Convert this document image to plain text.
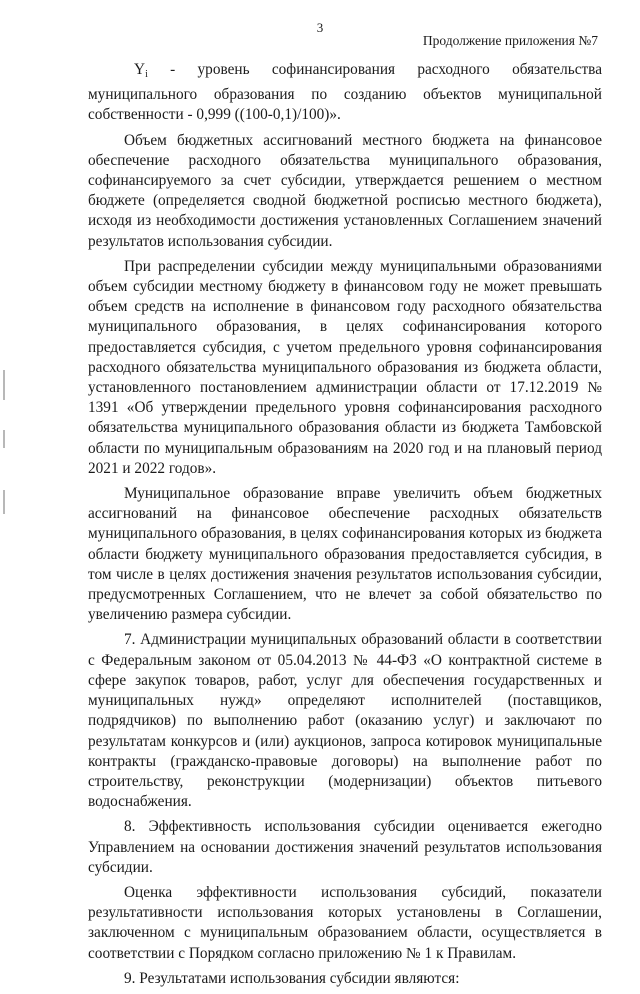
3
Продолжение приложения №7

Yi - уровень софинансирования расходного обязательства муниципального образования по созданию объектов муниципальной собственности - 0,999 ((100-0,1)/100)».

Объем бюджетных ассигнований местного бюджета на финансовое обеспечение расходного обязательства муниципального образования, софинансируемого за счет субсидии, утверждается решением о местном бюджете (определяется сводной бюджетной росписью местного бюджета), исходя из необходимости достижения установленных Соглашением значений результатов использования субсидии.

При распределении субсидии между муниципальными образованиями объем субсидии местному бюджету в финансовом году не может превышать объем средств на исполнение в финансовом году расходного обязательства муниципального образования, в целях софинансирования которого предоставляется субсидия, с учетом предельного уровня софинансирования расходного обязательства муниципального образования из бюджета области, установленного постановлением администрации области от 17.12.2019 № 1391 «Об утверждении предельного уровня софинансирования расходного обязательства муниципального образования области из бюджета Тамбовской области по муниципальным образованиям на 2020 год и на плановый период 2021 и 2022 годов».

Муниципальное образование вправе увеличить объем бюджетных ассигнований на финансовое обеспечение расходных обязательств муниципального образования, в целях софинансирования которых из бюджета области бюджету муниципального образования предоставляется субсидия, в том числе в целях достижения значения результатов использования субсидии, предусмотренных Соглашением, что не влечет за собой обязательство по увеличению размера субсидии.

7. Администрации муниципальных образований области в соответствии с Федеральным законом от 05.04.2013 № 44-ФЗ «О контрактной системе в сфере закупок товаров, работ, услуг для обеспечения государственных и муниципальных нужд» определяют исполнителей (поставщиков, подрядчиков) по выполнению работ (оказанию услуг) и заключают по результатам конкурсов и (или) аукционов, запроса котировок муниципальные контракты (гражданско-правовые договоры) на выполнение работ по строительству, реконструкции (модернизации) объектов питьевого водоснабжения.

8. Эффективность использования субсидии оценивается ежегодно Управлением на основании достижения значений результатов использования субсидии.

Оценка эффективности использования субсидий, показатели результативности использования которых установлены в Соглашении, заключенном с муниципальным образованием области, осуществляется в соответствии с Порядком согласно приложению № 1 к Правилам.

9. Результатами использования субсидии являются:
